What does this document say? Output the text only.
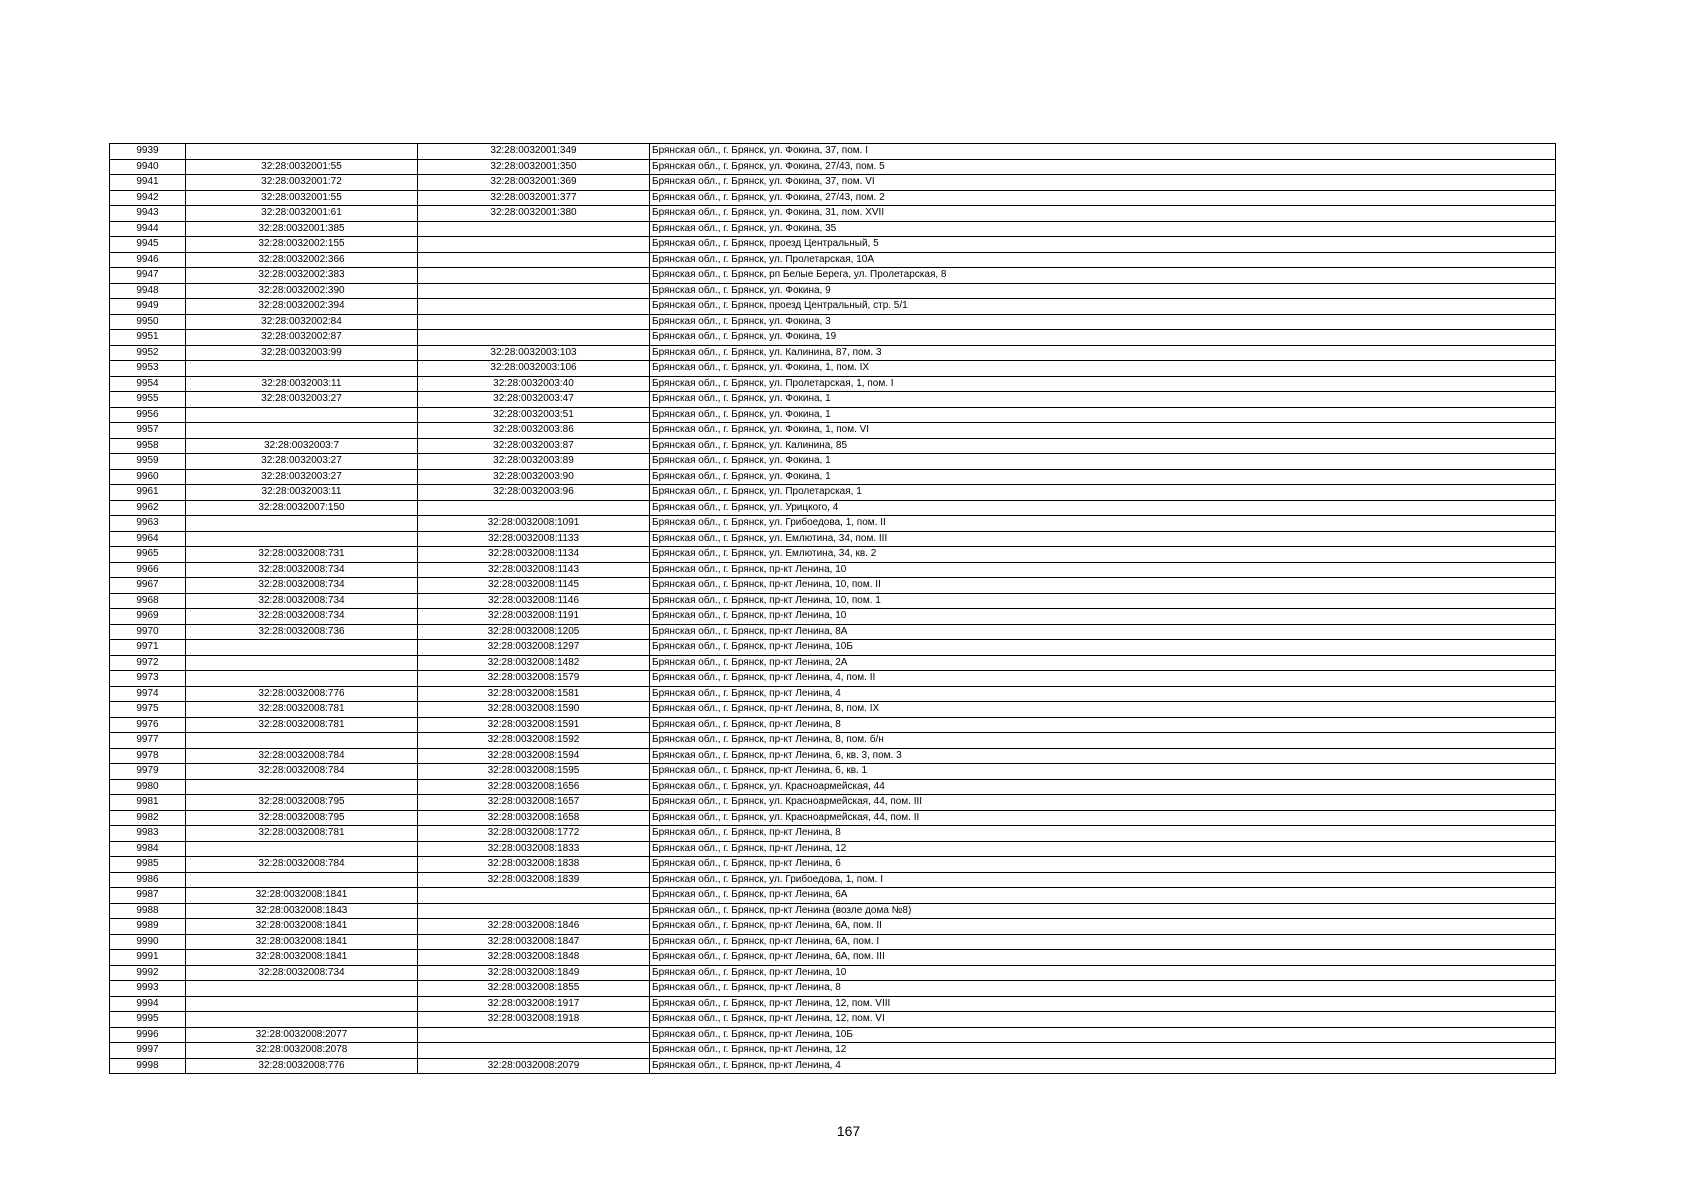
9939		32:28:0032001:349	Брянская обл., г. Брянск, ул. Фокина, 37, пом. I
9940	32:28:0032001:55	32:28:0032001:350	Брянская обл., г. Брянск, ул. Фокина, 27/43, пом. 5
9941	32:28:0032001:72	32:28:0032001:369	Брянская обл., г. Брянск, ул. Фокина, 37, пом. VI
9942	32:28:0032001:55	32:28:0032001:377	Брянская обл., г. Брянск, ул. Фокина, 27/43, пом. 2
9943	32:28:0032001:61	32:28:0032001:380	Брянская обл., г. Брянск, ул. Фокина, 31, пом. XVII
9944	32:28:0032001:385		Брянская обл., г. Брянск, ул. Фокина, 35
9945	32:28:0032002:155		Брянская обл., г. Брянск, проезд Центральный, 5
9946	32:28:0032002:366		Брянская обл., г. Брянск, ул. Пролетарская, 10А
9947	32:28:0032002:383		Брянская обл., г. Брянск, рп Белые Берега, ул. Пролетарская, 8
9948	32:28:0032002:390		Брянская обл., г. Брянск, ул. Фокина, 9
9949	32:28:0032002:394		Брянская обл., г. Брянск, проезд Центральный, стр. 5/1
9950	32:28:0032002:84		Брянская обл., г. Брянск, ул. Фокина, 3
9951	32:28:0032002:87		Брянская обл., г. Брянск, ул. Фокина, 19
9952	32:28:0032003:99	32:28:0032003:103	Брянская обл., г. Брянск, ул. Калинина, 87, пом. 3
9953		32:28:0032003:106	Брянская обл., г. Брянск, ул. Фокина, 1, пом. IX
9954	32:28:0032003:11	32:28:0032003:40	Брянская обл., г. Брянск, ул. Пролетарская, 1, пом. I
9955	32:28:0032003:27	32:28:0032003:47	Брянская обл., г. Брянск, ул. Фокина, 1
9956		32:28:0032003:51	Брянская обл., г. Брянск, ул. Фокина, 1
9957		32:28:0032003:86	Брянская обл., г. Брянск, ул. Фокина, 1, пом. VI
9958	32:28:0032003:7	32:28:0032003:87	Брянская обл., г. Брянск, ул. Калинина, 85
9959	32:28:0032003:27	32:28:0032003:89	Брянская обл., г. Брянск, ул. Фокина, 1
9960	32:28:0032003:27	32:28:0032003:90	Брянская обл., г. Брянск, ул. Фокина, 1
9961	32:28:0032003:11	32:28:0032003:96	Брянская обл., г. Брянск, ул. Пролетарская, 1
9962	32:28:0032007:150		Брянская обл., г. Брянск, ул. Урицкого, 4
9963		32:28:0032008:1091	Брянская обл., г. Брянск, ул. Грибоедова, 1, пом. II
9964		32:28:0032008:1133	Брянская обл., г. Брянск, ул. Емлютина, 34, пом. III
9965	32:28:0032008:731	32:28:0032008:1134	Брянская обл., г. Брянск, ул. Емлютина, 34, кв. 2
9966	32:28:0032008:734	32:28:0032008:1143	Брянская обл., г. Брянск, пр-кт Ленина, 10
9967	32:28:0032008:734	32:28:0032008:1145	Брянская обл., г. Брянск, пр-кт Ленина, 10, пом. II
9968	32:28:0032008:734	32:28:0032008:1146	Брянская обл., г. Брянск, пр-кт Ленина, 10, пом. 1
9969	32:28:0032008:734	32:28:0032008:1191	Брянская обл., г. Брянск, пр-кт Ленина, 10
9970	32:28:0032008:736	32:28:0032008:1205	Брянская обл., г. Брянск, пр-кт Ленина, 8А
9971		32:28:0032008:1297	Брянская обл., г. Брянск, пр-кт Ленина, 10Б
9972		32:28:0032008:1482	Брянская обл., г. Брянск, пр-кт Ленина, 2А
9973		32:28:0032008:1579	Брянская обл., г. Брянск, пр-кт Ленина, 4, пом. II
9974	32:28:0032008:776	32:28:0032008:1581	Брянская обл., г. Брянск, пр-кт Ленина, 4
9975	32:28:0032008:781	32:28:0032008:1590	Брянская обл., г. Брянск, пр-кт Ленина, 8, пом. IX
9976	32:28:0032008:781	32:28:0032008:1591	Брянская обл., г. Брянск, пр-кт Ленина, 8
9977		32:28:0032008:1592	Брянская обл., г. Брянск, пр-кт Ленина, 8, пом. б/н
9978	32:28:0032008:784	32:28:0032008:1594	Брянская обл., г. Брянск, пр-кт Ленина, 6, кв. 3, пом. 3
9979	32:28:0032008:784	32:28:0032008:1595	Брянская обл., г. Брянск, пр-кт Ленина, 6, кв. 1
9980		32:28:0032008:1656	Брянская обл., г. Брянск, ул. Красноармейская, 44
9981	32:28:0032008:795	32:28:0032008:1657	Брянская обл., г. Брянск, ул. Красноармейская, 44, пом. III
9982	32:28:0032008:795	32:28:0032008:1658	Брянская обл., г. Брянск, ул. Красноармейская, 44, пом. II
9983	32:28:0032008:781	32:28:0032008:1772	Брянская обл., г. Брянск, пр-кт Ленина, 8
9984		32:28:0032008:1833	Брянская обл., г. Брянск, пр-кт Ленина, 12
9985	32:28:0032008:784	32:28:0032008:1838	Брянская обл., г. Брянск, пр-кт Ленина, 6
9986		32:28:0032008:1839	Брянская обл., г. Брянск, ул. Грибоедова, 1, пом. I
9987	32:28:0032008:1841		Брянская обл., г. Брянск, пр-кт Ленина, 6А
9988	32:28:0032008:1843		Брянская обл., г. Брянск, пр-кт Ленина (возле дома №8)
9989	32:28:0032008:1841	32:28:0032008:1846	Брянская обл., г. Брянск, пр-кт Ленина, 6А, пом. II
9990	32:28:0032008:1841	32:28:0032008:1847	Брянская обл., г. Брянск, пр-кт Ленина, 6А, пом. I
9991	32:28:0032008:1841	32:28:0032008:1848	Брянская обл., г. Брянск, пр-кт Ленина, 6А, пом. III
9992	32:28:0032008:734	32:28:0032008:1849	Брянская обл., г. Брянск, пр-кт Ленина, 10
9993		32:28:0032008:1855	Брянская обл., г. Брянск, пр-кт Ленина, 8
9994		32:28:0032008:1917	Брянская обл., г. Брянск, пр-кт Ленина, 12, пом. VIII
9995		32:28:0032008:1918	Брянская обл., г. Брянск, пр-кт Ленина, 12, пом. VI
9996	32:28:0032008:2077		Брянская обл., г. Брянск, пр-кт Ленина, 10Б
9997	32:28:0032008:2078		Брянская обл., г. Брянск, пр-кт Ленина, 12
9998	32:28:0032008:776	32:28:0032008:2079	Брянская обл., г. Брянск, пр-кт Ленина, 4
167
